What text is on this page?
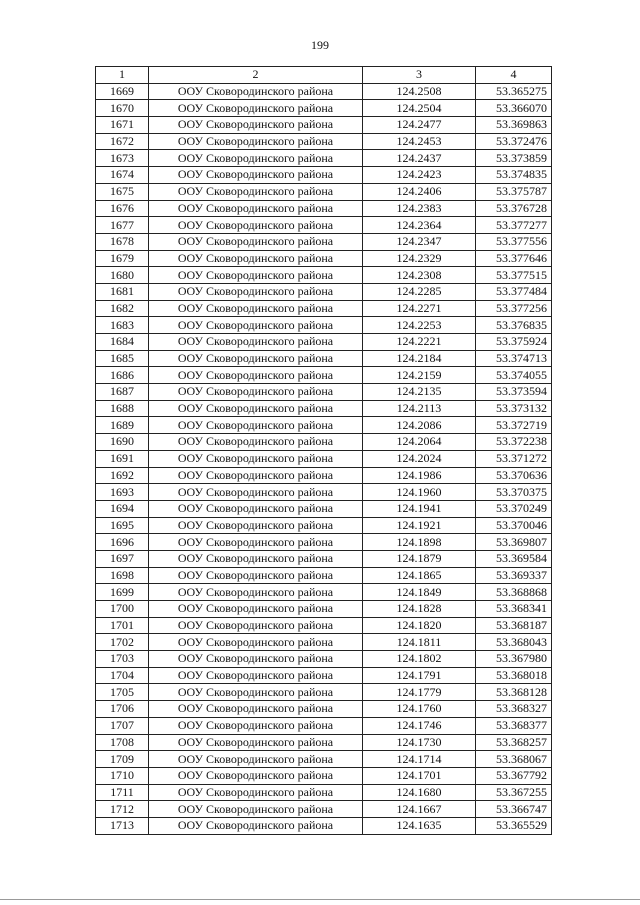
199
1	2	3	4
1669	ООУ Сковородинского района	124.2508	53.365275
1670	ООУ Сковородинского района	124.2504	53.366070
1671	ООУ Сковородинского района	124.2477	53.369863
1672	ООУ Сковородинского района	124.2453	53.372476
1673	ООУ Сковородинского района	124.2437	53.373859
1674	ООУ Сковородинского района	124.2423	53.374835
1675	ООУ Сковородинского района	124.2406	53.375787
1676	ООУ Сковородинского района	124.2383	53.376728
1677	ООУ Сковородинского района	124.2364	53.377277
1678	ООУ Сковородинского района	124.2347	53.377556
1679	ООУ Сковородинского района	124.2329	53.377646
1680	ООУ Сковородинского района	124.2308	53.377515
1681	ООУ Сковородинского района	124.2285	53.377484
1682	ООУ Сковородинского района	124.2271	53.377256
1683	ООУ Сковородинского района	124.2253	53.376835
1684	ООУ Сковородинского района	124.2221	53.375924
1685	ООУ Сковородинского района	124.2184	53.374713
1686	ООУ Сковородинского района	124.2159	53.374055
1687	ООУ Сковородинского района	124.2135	53.373594
1688	ООУ Сковородинского района	124.2113	53.373132
1689	ООУ Сковородинского района	124.2086	53.372719
1690	ООУ Сковородинского района	124.2064	53.372238
1691	ООУ Сковородинского района	124.2024	53.371272
1692	ООУ Сковородинского района	124.1986	53.370636
1693	ООУ Сковородинского района	124.1960	53.370375
1694	ООУ Сковородинского района	124.1941	53.370249
1695	ООУ Сковородинского района	124.1921	53.370046
1696	ООУ Сковородинского района	124.1898	53.369807
1697	ООУ Сковородинского района	124.1879	53.369584
1698	ООУ Сковородинского района	124.1865	53.369337
1699	ООУ Сковородинского района	124.1849	53.368868
1700	ООУ Сковородинского района	124.1828	53.368341
1701	ООУ Сковородинского района	124.1820	53.368187
1702	ООУ Сковородинского района	124.1811	53.368043
1703	ООУ Сковородинского района	124.1802	53.367980
1704	ООУ Сковородинского района	124.1791	53.368018
1705	ООУ Сковородинского района	124.1779	53.368128
1706	ООУ Сковородинского района	124.1760	53.368327
1707	ООУ Сковородинского района	124.1746	53.368377
1708	ООУ Сковородинского района	124.1730	53.368257
1709	ООУ Сковородинского района	124.1714	53.368067
1710	ООУ Сковородинского района	124.1701	53.367792
1711	ООУ Сковородинского района	124.1680	53.367255
1712	ООУ Сковородинского района	124.1667	53.366747
1713	ООУ Сковородинского района	124.1635	53.365529
